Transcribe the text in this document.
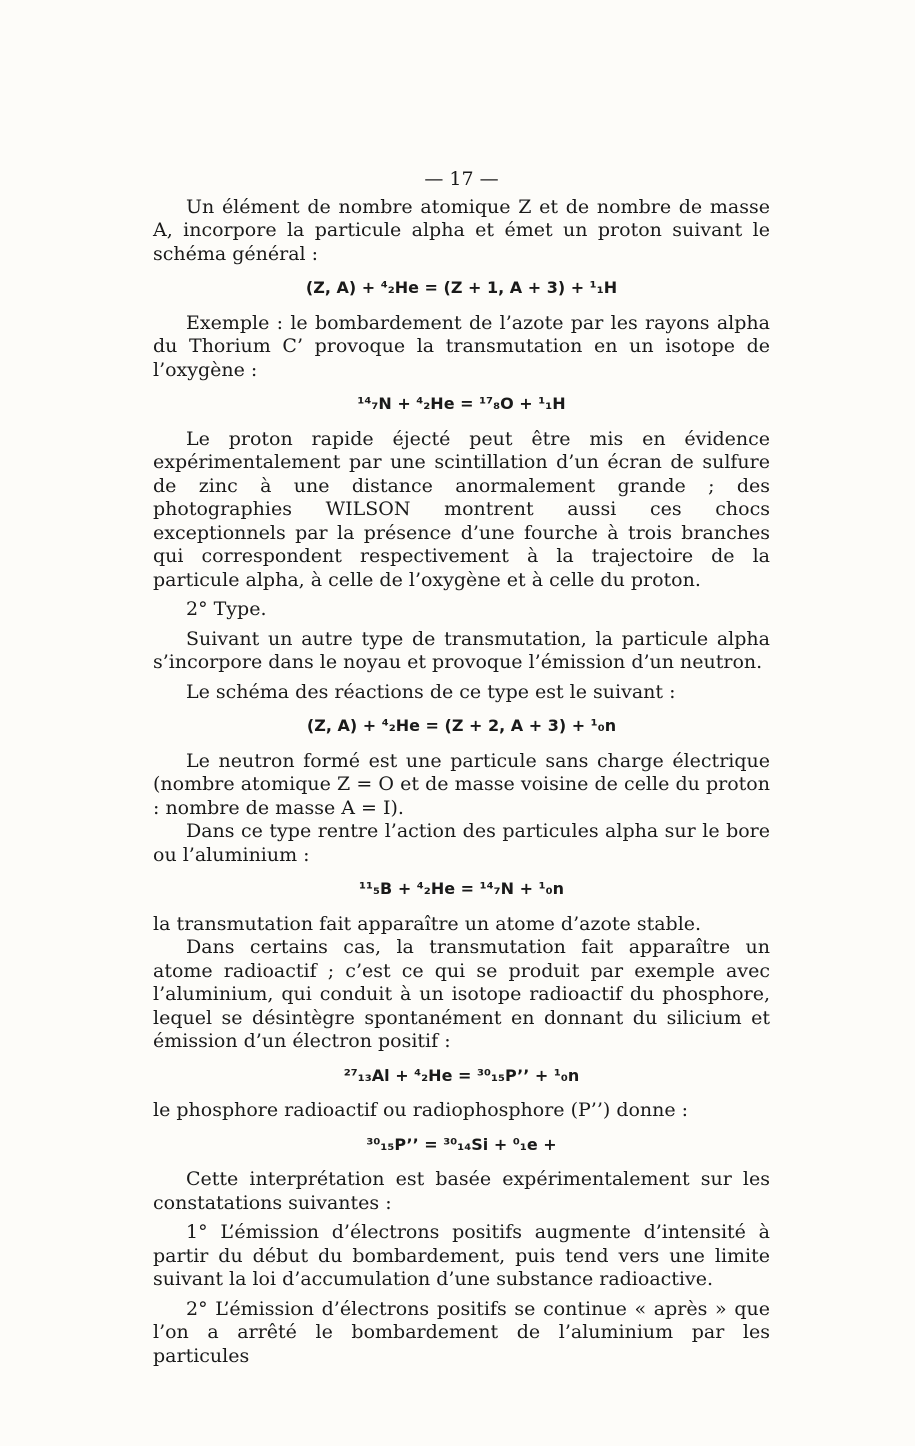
— 17 —

Un élément de nombre atomique Z et de nombre de masse A, incorpore la particule alpha et émet un proton suivant le schéma général :

(Z, A) + ⁴₂He = (Z + 1, A + 3) + ¹₁H

Exemple : le bombardement de l’azote par les rayons alpha du Thorium C’ provoque la transmutation en un isotope de l’oxygène :

¹⁴₇N + ⁴₂He = ¹⁷₈O + ¹₁H

Le proton rapide éjecté peut être mis en évidence expérimentalement par une scintillation d’un écran de sulfure de zinc à une distance anormalement grande ; des photographies WILSON montrent aussi ces chocs exceptionnels par la présence d’une fourche à trois branches qui correspondent respectivement à la trajectoire de la particule alpha, à celle de l’oxygène et à celle du proton.

2° Type.

Suivant un autre type de transmutation, la particule alpha s’incorpore dans le noyau et provoque l’émission d’un neutron.

Le schéma des réactions de ce type est le suivant :

(Z, A) + ⁴₂He = (Z + 2, A + 3) + ¹₀n

Le neutron formé est une particule sans charge électrique (nombre atomique Z = O et de masse voisine de celle du proton : nombre de masse A = I).

Dans ce type rentre l’action des particules alpha sur le bore ou l’aluminium :

¹¹₅B + ⁴₂He = ¹⁴₇N + ¹₀n

la transmutation fait apparaître un atome d’azote stable.

Dans certains cas, la transmutation fait apparaître un atome radioactif ; c’est ce qui se produit par exemple avec l’aluminium, qui conduit à un isotope radioactif du phosphore, lequel se désintègre spontanément en donnant du silicium et émission d’un électron positif :

²⁷₁₃Al + ⁴₂He = ³⁰₁₅P’’ + ¹₀n

le phosphore radioactif ou radiophosphore (P’’) donne :

³⁰₁₅P’’ = ³⁰₁₄Si + ⁰₁e +

Cette interprétation est basée expérimentalement sur les constatations suivantes :

1° L’émission d’électrons positifs augmente d’intensité à partir du début du bombardement, puis tend vers une limite suivant la loi d’accumulation d’une substance radioactive.

2° L’émission d’électrons positifs se continue « après » que l’on a arrêté le bombardement de l’aluminium par les particules
